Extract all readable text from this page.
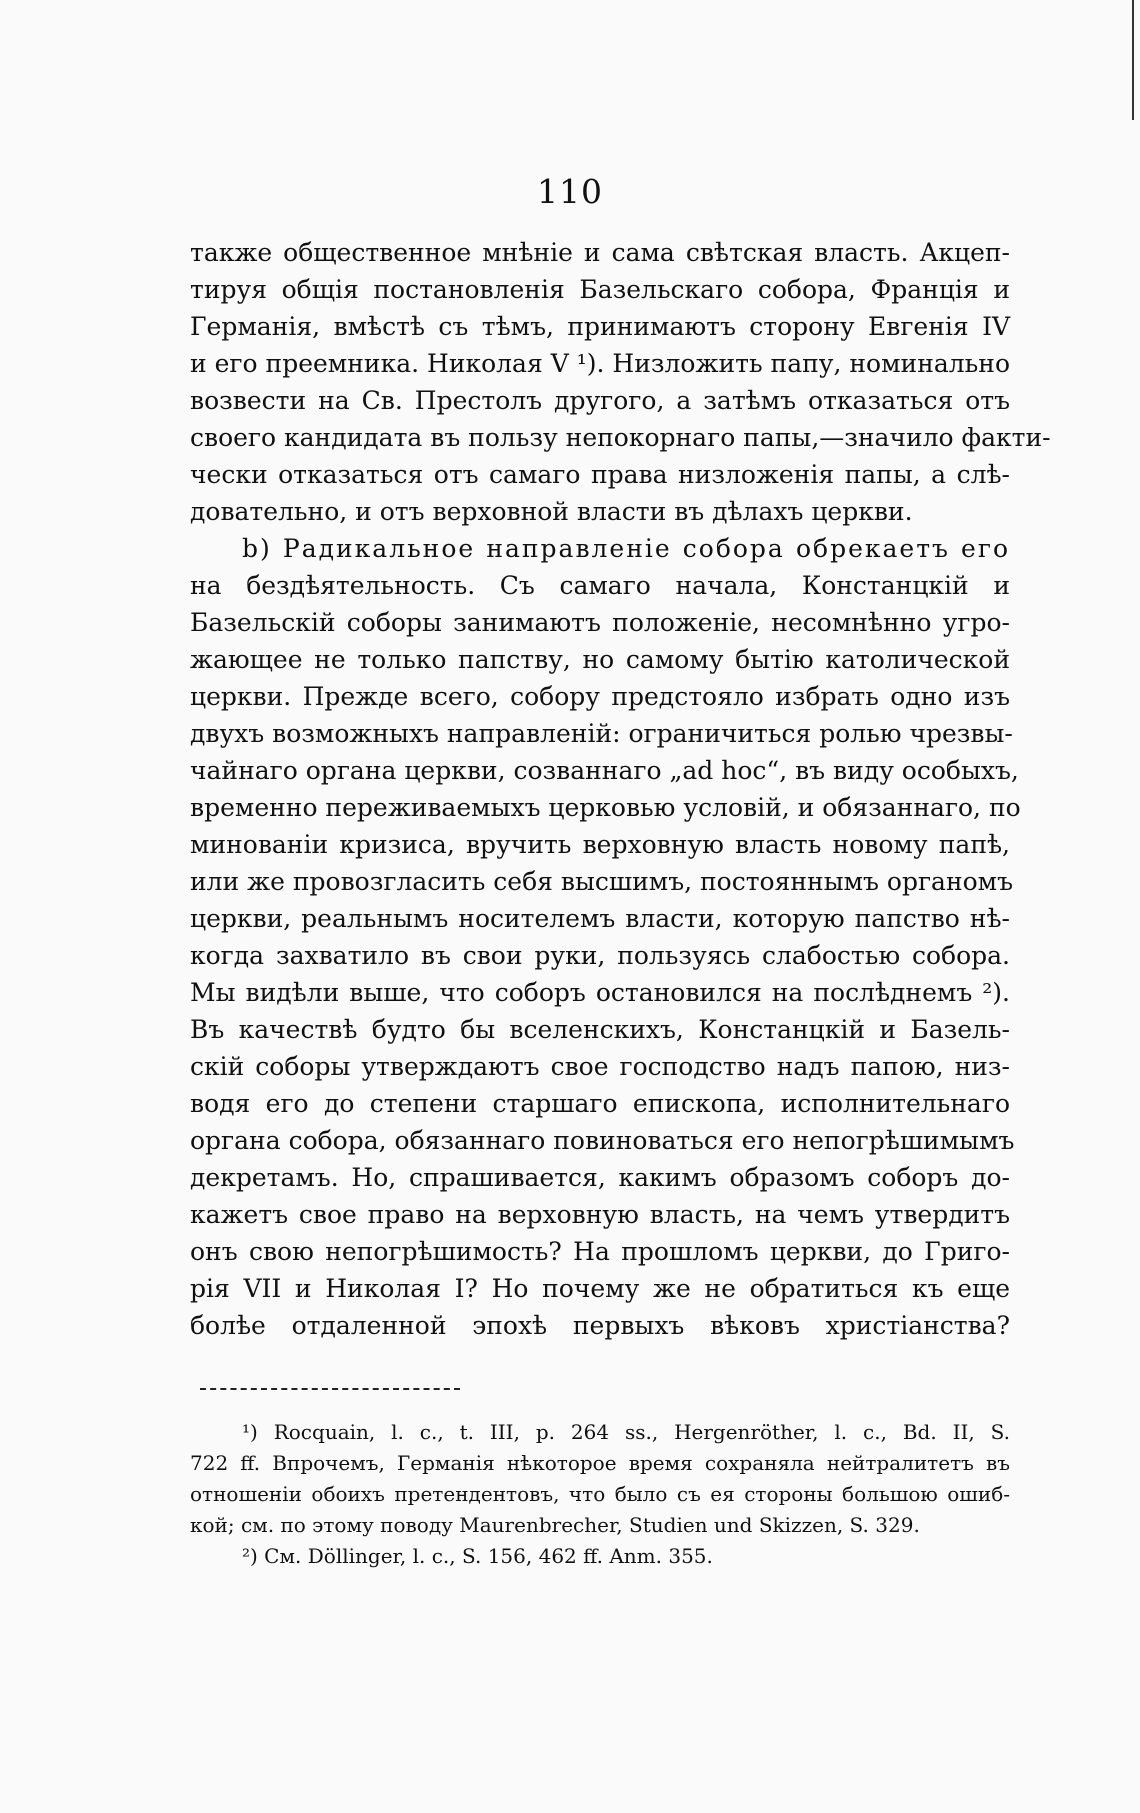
110
также общественное мнѣніе и сама свѣтская власть. Акцеп-
тируя общія постановленія Базельскаго собора, Франція и
Германія, вмѣстѣ съ тѣмъ, принимаютъ сторону Евгенія IV
и его преемника. Николая V ¹). Низложить папу, номинально
возвести на Св. Престолъ другого, а затѣмъ отказаться отъ
своего кандидата въ пользу непокорнаго папы,—значило факти-
чески отказаться отъ самаго права низложенія папы, а слѣ-
довательно, и отъ верховной власти въ дѣлахъ церкви.
b) Радикальное направленіе собора обрекаетъ его
на бездѣятельность. Съ самаго начала, Констанцкій и
Базельскій соборы занимаютъ положеніе, несомнѣнно угро-
жающее не только папству, но самому бытію католической
церкви. Прежде всего, собору предстояло избрать одно изъ
двухъ возможныхъ направленій: ограничиться ролью чрезвы-
чайнаго органа церкви, созваннаго „ad hoc“, въ виду особыхъ,
временно переживаемыхъ церковью условій, и обязаннаго, по
минованіи кризиса, вручить верховную власть новому папѣ,
или же провозгласить себя высшимъ, постояннымъ органомъ
церкви, реальнымъ носителемъ власти, которую папство нѣ-
когда захватило въ свои руки, пользуясь слабостью собора.
Мы видѣли выше, что соборъ остановился на послѣднемъ ²).
Въ качествѣ будто бы вселенскихъ, Констанцкій и Базель-
скій соборы утверждаютъ свое господство надъ папою, низ-
водя его до степени старшаго епископа, исполнительнаго
органа собора, обязаннаго повиноваться его непогрѣшимымъ
декретамъ. Но, спрашивается, какимъ образомъ соборъ до-
кажетъ свое право на верховную власть, на чемъ утвердитъ
онъ свою непогрѣшимость? На прошломъ церкви, до Григо-
рія VII и Николая I? Но почему же не обратиться къ еще
болѣе отдаленной эпохѣ первыхъ вѣковъ христіанства?
¹) Rocquain, l. c., t. III, p. 264 ss., Hergenröther, l. c., Bd. II, S.
722 ff. Впрочемъ, Германія нѣкоторое время сохраняла нейтралитетъ въ
отношеніи обоихъ претендентовъ, что было съ ея стороны большою ошиб-
кой; см. по этому поводу Maurenbrecher, Studien und Skizzen, S. 329.
²) См. Döllinger, l. c., S. 156, 462 ff. Anm. 355.
